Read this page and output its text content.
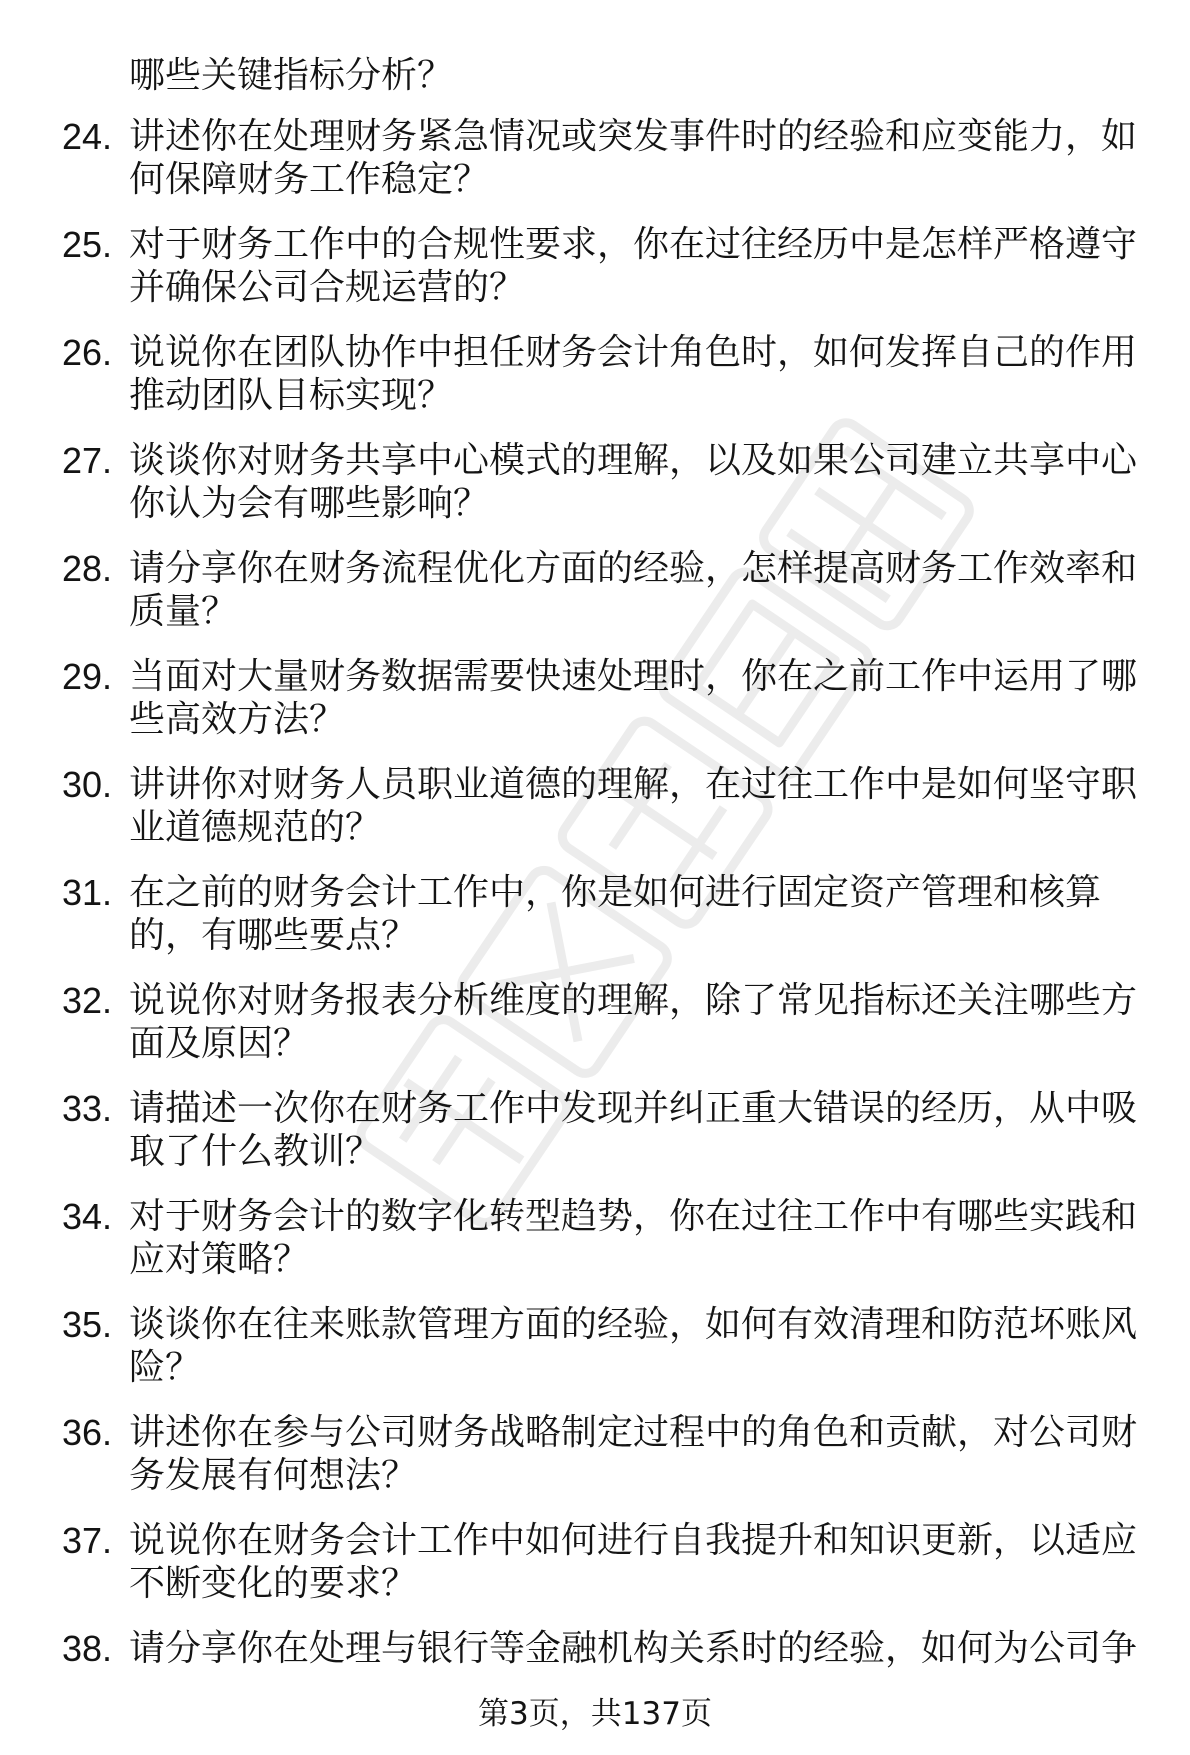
哪些关键指标分析？
24. 讲述你在处理财务紧急情况或突发事件时的经验和应变能力，如
何保障财务工作稳定？
25. 对于财务工作中的合规性要求，你在过往经历中是怎样严格遵守
并确保公司合规运营的？
26. 说说你在团队协作中担任财务会计角色时，如何发挥自己的作用
推动团队目标实现？
27. 谈谈你对财务共享中心模式的理解，以及如果公司建立共享中心
你认为会有哪些影响？
28. 请分享你在财务流程优化方面的经验，怎样提高财务工作效率和
质量？
29. 当面对大量财务数据需要快速处理时，你在之前工作中运用了哪
些高效方法？
30. 讲讲你对财务人员职业道德的理解，在过往工作中是如何坚守职
业道德规范的？
31. 在之前的财务会计工作中，你是如何进行固定资产管理和核算
的，有哪些要点？
32. 说说你对财务报表分析维度的理解，除了常见指标还关注哪些方
面及原因？
33. 请描述一次你在财务工作中发现并纠正重大错误的经历，从中吸
取了什么教训？
34. 对于财务会计的数字化转型趋势，你在过往工作中有哪些实践和
应对策略？
35. 谈谈你在往来账款管理方面的经验，如何有效清理和防范坏账风
险？
36. 讲述你在参与公司财务战略制定过程中的角色和贡献，对公司财
务发展有何想法？
37. 说说你在财务会计工作中如何进行自我提升和知识更新，以适应
不断变化的要求？
38. 请分享你在处理与银行等金融机构关系时的经验，如何为公司争
第3页，共137页
